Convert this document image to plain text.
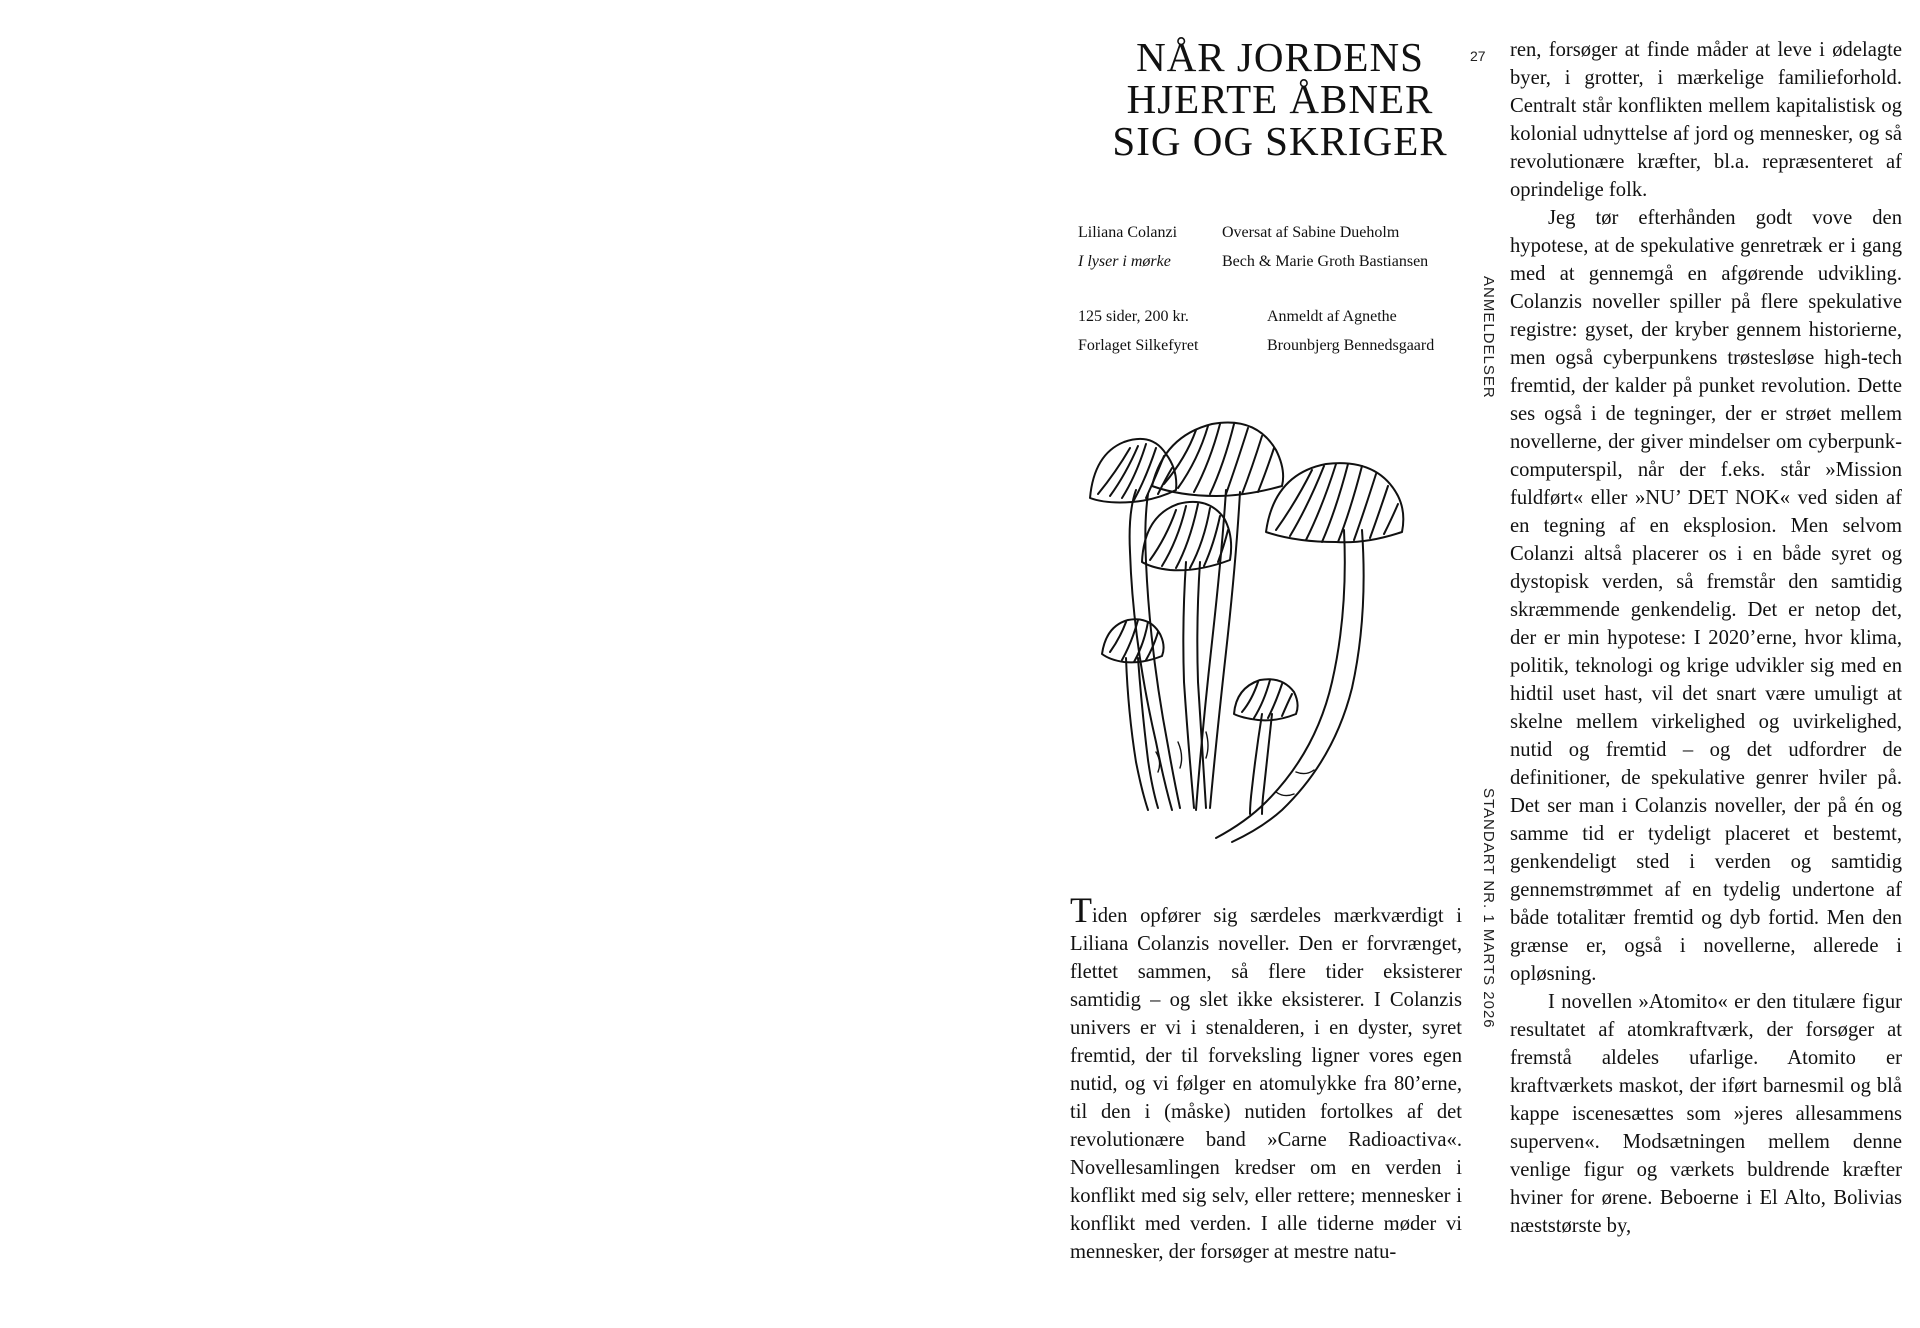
NÅR JORDENS
HJERTE ÅBNER
SIG OG SKRIGER
Liliana Colanzi
I lyser i mørke
Oversat af Sabine Dueholm
Bech & Marie Groth Bastiansen
125 sider, 200 kr.
Forlaget Silkefyret
Anmeldt af Agnethe
Brounbjerg Bennedsgaard
27
ANMELDELSER
STANDART NR. 1 MARTS 2026

Tiden opfører sig særdeles mærkværdigt i Liliana Colanzis noveller. Den er forvrænget, flettet sammen, så flere tider eksisterer samtidig – og slet ikke eksisterer. I Colanzis univers er vi i stenalderen, i en dyster, syret fremtid, der til forveksling ligner vores egen nutid, og vi følger en atomulykke fra 80’erne, til den i (måske) nutiden fortolkes af det revolutionære band »Carne Radioactiva«. Novellesamlingen kredser om en verden i konflikt med sig selv, eller rettere; mennesker i konflikt med verden. I alle tiderne møder vi mennesker, der forsøger at mestre natu-

ren, forsøger at finde måder at leve i ødelagte byer, i grotter, i mærkelige familieforhold. Centralt står konflikten mellem kapitalistisk og kolonial udnyttelse af jord og mennesker, og så revolutionære kræfter, bl.a. repræsenteret af oprindelige folk.

Jeg tør efterhånden godt vove den hypotese, at de spekulative genretræk er i gang med at gennemgå en afgørende udvikling. Colanzis noveller spiller på flere spekulative registre: gyset, der kryber gennem historierne, men også cyberpunkens trøstesløse high-tech fremtid, der kalder på punket revolution. Dette ses også i de tegninger, der er strøet mellem novellerne, der giver mindelser om cyberpunk-computerspil, når der f.eks. står »Mission fuldført« eller »NU’ DET NOK« ved siden af en tegning af en eksplosion. Men selvom Colanzi altså placerer os i en både syret og dystopisk verden, så fremstår den samtidig skræmmende genkendelig. Det er netop det, der er min hypotese: I 2020’erne, hvor klima, politik, teknologi og krige udvikler sig med en hidtil uset hast, vil det snart være umuligt at skelne mellem virkelighed og uvirkelighed, nutid og fremtid – og det udfordrer de definitioner, de spekulative genrer hviler på. Det ser man i Colanzis noveller, der på én og samme tid er tydeligt placeret et bestemt, genkendeligt sted i verden og samtidig gennemstrømmet af en tydelig undertone af både totalitær fremtid og dyb fortid. Men den grænse er, også i novellerne, allerede i opløsning.

I novellen »Atomito« er den titulære figur resultatet af atomkraftværk, der forsøger at fremstå aldeles ufarlige. Atomito er kraftværkets maskot, der iført barnesmil og blå kappe iscenesættes som »jeres allesammens superven«. Modsætningen mellem denne venlige figur og værkets buldrende kræfter hviner for ørene. Beboerne i El Alto, Bolivias næststørste by,
